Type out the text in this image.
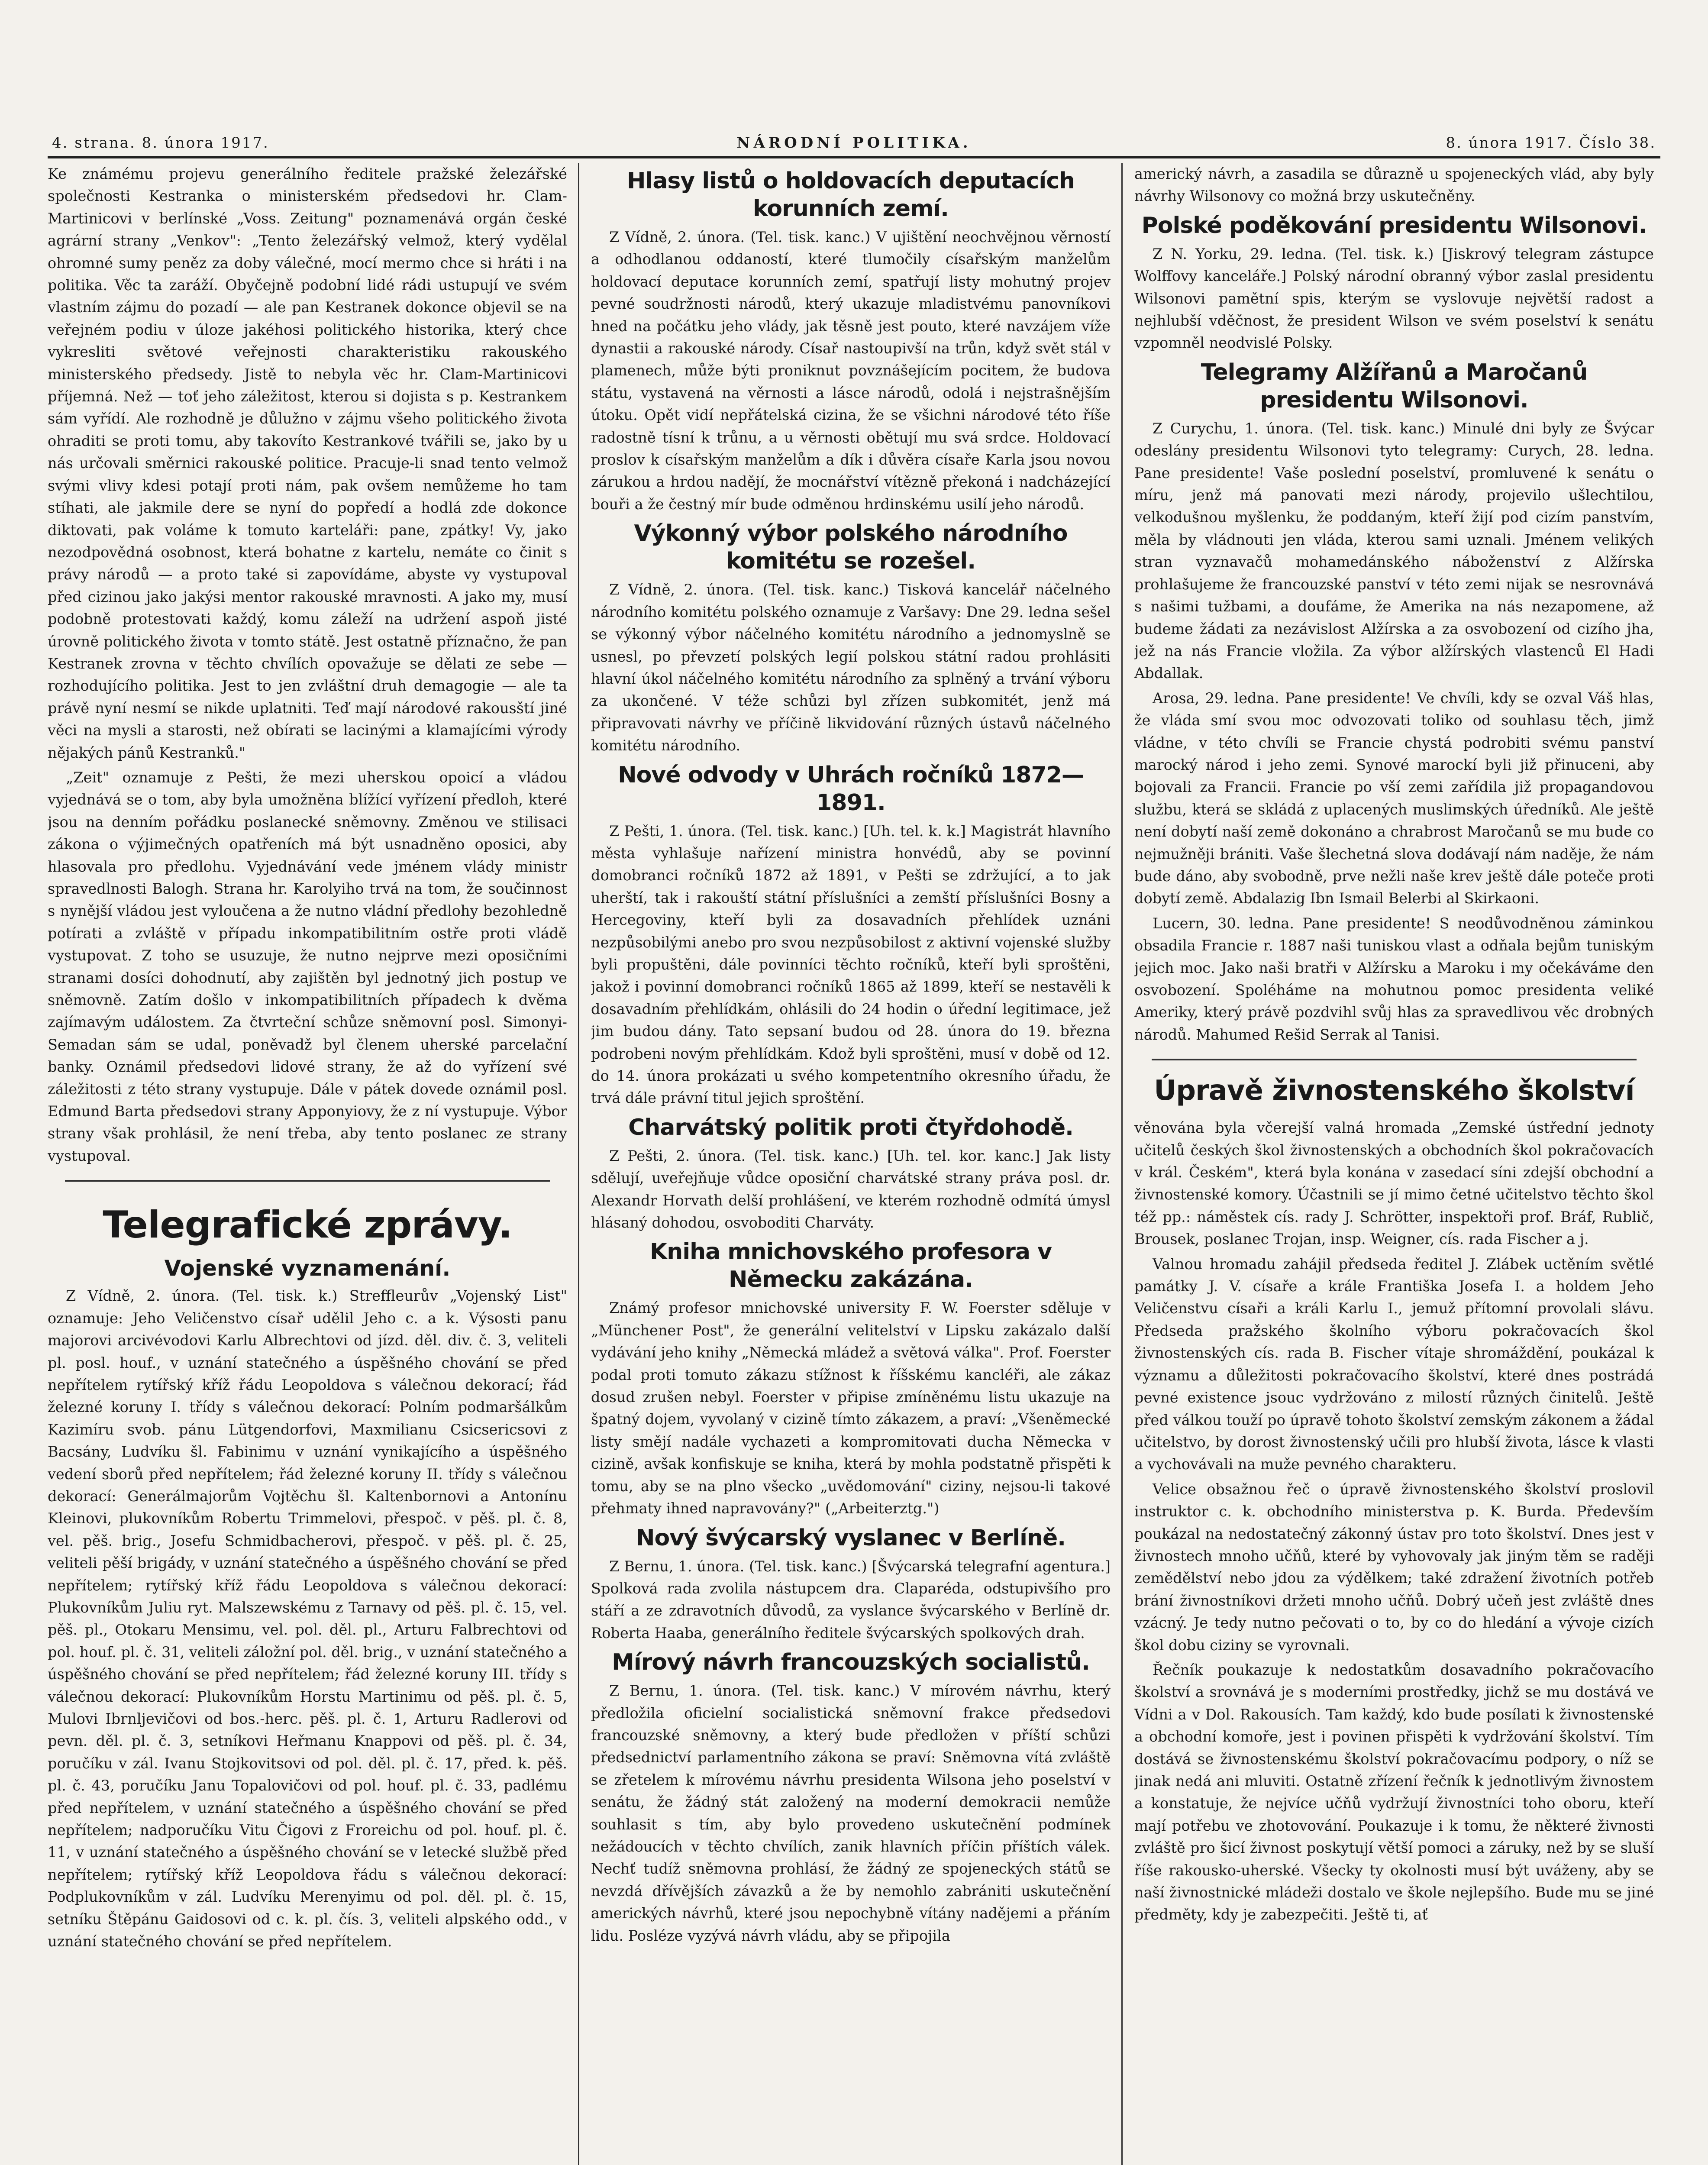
4. strana. 8. února 1917.	NÁRODNÍ POLITIKA.	8. února 1917. Číslo 38.

Ke známému projevu generálního ředitele pražské železářské společnosti Kestranka o ministerském předsedovi hr. Clam-Martinicovi v berlínské „Voss. Zeitung" poznamenává orgán české agrární strany „Venkov": „Tento železářský velmož, který vydělal ohromné sumy peněz za doby válečné, mocí mermo chce si hráti i na politika. Věc ta zaráží. Obyčejně podobní lidé rádi ustupují ve svém vlastním zájmu do pozadí — ale pan Kestranek dokonce objevil se na veřejném podiu v úloze jakéhosi politického historika, který chce vykresliti světové veřejnosti charakteristiku rakouského ministerského předsedy. Jistě to nebyla věc hr. Clam-Martinicovi příjemná. Než — toť jeho záležitost, kterou si dojista s p. Kestrankem sám vyřídí. Ale rozhodně je důlužno v zájmu všeho politického života ohraditi se proti tomu, aby takovíto Kestrankové tvářili se, jako by u nás určovali směrnici rakouské politice. Pracuje-li snad tento velmož svými vlivy kdesi potají proti nám, pak ovšem nemůžeme ho tam stíhati, ale jakmile dere se nyní do popředí a hodlá zde dokonce diktovati, pak voláme k tomuto karteláři: pane, zpátky! Vy, jako nezodpovědná osobnost, která bohatne z kartelu, nemáte co činit s právy národů — a proto také si zapovídáme, abyste vy vystupoval před cizinou jako jakýsi mentor rakouské mravnosti. A jako my, musí podobně protestovati každý, komu záleží na udržení aspoň jisté úrovně politického života v tomto státě. Jest ostatně příznačno, že pan Kestranek zrovna v těchto chvílích opovažuje se dělati ze sebe — rozhodujícího politika. Jest to jen zvláštní druh demagogie — ale ta právě nyní nesmí se nikde uplatniti. Teď mají národové rakousští jiné věci na mysli a starosti, než obírati se lacinými a klamajícími výrody nějakých pánů Kestranků."

„Zeit" oznamuje z Pešti, že mezi uherskou opoicí a vládou vyjednává se o tom, aby byla umožněna blížící vyřízení předloh, které jsou na denním pořádku poslanecké sněmovny. Změnou ve stilisaci zákona o výjimečných opatřeních má být usnadněno oposici, aby hlasovala pro předlohu. Vyjednávání vede jménem vlády ministr spravedlnosti Balogh. Strana hr. Karolyiho trvá na tom, že součinnost s nynější vládou jest vyloučena a že nutno vládní předlohy bezohledně potírati a zvláště v případu inkompatibilitním ostře proti vládě vystupovat. Z toho se usuzuje, že nutno nejprve mezi oposičními stranami dosíci dohodnutí, aby zajištěn byl jednotný jich postup ve sněmovně. Zatím došlo v inkompatibilitních případech k dvěma zajímavým událostem. Za čtvrteční schůze sněmovní posl. Simonyi-Semadan sám se udal, poněvadž byl členem uherské parcelační banky. Oznámil předsedovi lidové strany, že až do vyřízení své záležitosti z této strany vystupuje. Dále v pátek dovede oznámil posl. Edmund Barta předsedovi strany Apponyiovy, že z ní vystupuje. Výbor strany však prohlásil, že není třeba, aby tento poslanec ze strany vystupoval.

Telegrafické zprávy.
Vojenské vyznamenání.

Z Vídně, 2. února. (Tel. tisk. k.) Streffleurův „Vojenský List" oznamuje: Jeho Veličenstvo císař udělil Jeho c. a k. Výsosti panu majorovi arcivévodovi Karlu Albrechtovi od jízd. děl. div. č. 3, veliteli pl. posl. houf., v uznání statečného a úspěšného chování se před nepřítelem rytířský kříž řádu Leopoldova s válečnou dekorací; řád železné koruny I. třídy s válečnou dekorací: Polním podmaršálkům Kazimíru svob. pánu Lütgendorfovi, Maxmilianu Csicsericsovi z Bacsány, Ludvíku šl. Fabinimu v uznání vynikajícího a úspěšného vedení sborů před nepřítelem; řád železné koruny II. třídy s válečnou dekorací: Generálmajorům Vojtěchu šl. Kaltenbornovi a Antonínu Kleinovi, plukovníkům Robertu Trimmelovi, přespoč. v pěš. pl. č. 8, vel. pěš. brig., Josefu Schmidbacherovi, přespoč. v pěš. pl. č. 25, veliteli pěší brigády, v uznání statečného a úspěšného chování se před nepřítelem; rytířský kříž řádu Leopoldova s válečnou dekorací: Plukovníkům Juliu ryt. Malszewskému z Tarnavy od pěš. pl. č. 15, vel. pěš. pl., Otokaru Mensimu, vel. pol. děl. pl., Arturu Falbrechtovi od pol. houf. pl. č. 31, veliteli záložní pol. děl. brig., v uznání statečného a úspěšného chování se před nepřítelem; řád železné koruny III. třídy s válečnou dekorací: Plukovníkům Horstu Martinimu od pěš. pl. č. 5, Mulovi Ibrnljevičovi od bos.-herc. pěš. pl. č. 1, Arturu Radlerovi od pevn. děl. pl. č. 3, setníkovi Heřmanu Knappovi od pěš. pl. č. 34, poručíku v zál. Ivanu Stojkovitsovi od pol. děl. pl. č. 17, před. k. pěš. pl. č. 43, poručíku Janu Topalovičovi od pol. houf. pl. č. 33, padlému před nepřítelem, v uznání statečného a úspěšného chování se před nepřítelem; nadporučíku Vitu Čigovi z Froreichu od pol. houf. pl. č. 11, v uznání statečného a úspěšného chování se v letecké službě před nepřítelem; rytířský kříž Leopoldova řádu s válečnou dekorací: Podplukovníkům v zál. Ludvíku Merenyimu od pol. děl. pl. č. 15, setníku Štěpánu Gaidosovi od c. k. pl. čís. 3, veliteli alpského odd., v uznání statečného chování se před nepřítelem.

Hlasy listů o holdovacích deputacích korunních zemí.

Z Vídně, 2. února. (Tel. tisk. kanc.) V ujištění neochvějnou věrností a odhodlanou oddaností, které tlumočily císařským manželům holdovací deputace korunních zemí, spatřují listy mohutný projev pevné soudržnosti národů, který ukazuje mladistvému panovníkovi hned na počátku jeho vlády, jak těsně jest pouto, které navzájem víže dynastii a rakouské národy. Císař nastoupivší na trůn, když svět stál v plamenech, může býti proniknut povznášejícím pocitem, že budova státu, vystavená na věrnosti a lásce národů, odolá i nejstrašnějším útoku. Opět vidí nepřátelská cizina, že se všichni národové této říše radostně tísní k trůnu, a u věrnosti obětují mu svá srdce. Holdovací proslov k císařským manželům a dík i důvěra císaře Karla jsou novou zárukou a hrdou nadějí, že mocnářství vítězně překoná i nadcházející bouři a že čestný mír bude odměnou hrdinskému usilí jeho národů.

Výkonný výbor polského národního komitétu se rozešel.

Z Vídně, 2. února. (Tel. tisk. kanc.) Tisková kancelář náčelného národního komitétu polského oznamuje z Varšavy: Dne 29. ledna sešel se výkonný výbor náčelného komitétu národního a jednomyslně se usnesl, po převzetí polských legií polskou státní radou prohlásiti hlavní úkol náčelného komitétu národního za splněný a trvání výboru za ukončené. V téže schůzi byl zřízen subkomitét, jenž má připravovati návrhy ve příčině likvidování různých ústavů náčelného komitétu národního.

Nové odvody v Uhrách ročníků 1872—1891.

Z Pešti, 1. února. (Tel. tisk. kanc.) [Uh. tel. k. k.] Magistrát hlavního města vyhlašuje nařízení ministra honvédů, aby se povinní domobranci ročníků 1872 až 1891, v Pešti se zdržující, a to jak uherští, tak i rakouští státní příslušníci a zemští příslušníci Bosny a Hercegoviny, kteří byli za dosavadních přehlídek uznáni nezpůsobilými anebo pro svou nezpůsobilost z aktivní vojenské služby byli propuštěni, dále povinníci těchto ročníků, kteří byli sproštěni, jakož i povinní domobranci ročníků 1865 až 1899, kteří se nestavěli k dosavadním přehlídkám, ohlásili do 24 hodin o úřední legitimace, jež jim budou dány. Tato sepsaní budou od 28. února do 19. března podrobeni novým přehlídkám. Kdož byli sproštěni, musí v době od 12. do 14. února prokázati u svého kompetentního okresního úřadu, že trvá dále právní titul jejich sproštění.

Charvátský politik proti čtyřdohodě.

Z Pešti, 2. února. (Tel. tisk. kanc.) [Uh. tel. kor. kanc.] Jak listy sdělují, uveřejňuje vůdce oposiční charvátské strany práva posl. dr. Alexandr Horvath delší prohlášení, ve kterém rozhodně odmítá úmysl hlásaný dohodou, osvoboditi Charváty.

Kniha mnichovského profesora v Německu zakázána.

Známý profesor mnichovské university F. W. Foerster sděluje v „Münchener Post", že generální velitelství v Lipsku zakázalo další vydávání jeho knihy „Německá mládež a světová válka". Prof. Foerster podal proti tomuto zákazu stížnost k říšskému kancléři, ale zákaz dosud zrušen nebyl. Foerster v připise zmíněnému listu ukazuje na špatný dojem, vyvolaný v cizině tímto zákazem, a praví: „Všeněmecké listy smějí nadále vychazeti a kompromitovati ducha Německa v cizině, avšak konfiskuje se kniha, která by mohla podstatně přispěti k tomu, aby se na plno všecko „uvědomování" ciziny, nejsou-li takové přehmaty ihned napravovány?" („Arbeiterztg.")

Nový švýcarský vyslanec v Berlíně.

Z Bernu, 1. února. (Tel. tisk. kanc.) [Švýcarská telegrafní agentura.] Spolková rada zvolila nástupcem dra. Claparéda, odstupivšího pro stáří a ze zdravotních důvodů, za vyslance švýcarského v Berlíně dr. Roberta Haaba, generálního ředitele švýcarských spolkových drah.

Mírový návrh francouzských socialistů.

Z Bernu, 1. února. (Tel. tisk. kanc.) V mírovém návrhu, který předložila oficielní socialistická sněmovní frakce předsedovi francouzské sněmovny, a který bude předložen v příští schůzi předsednictví parlamentního zákona se praví: Sněmovna vítá zvláště se zřetelem k mírovému návrhu presidenta Wilsona jeho poselství v senátu, že žádný stát založený na moderní demokracii nemůže souhlasit s tím, aby bylo provedeno uskutečnění podmínek nežádoucích v těchto chvílích, zanik hlavních příčin příštích válek. Nechť tudíž sněmovna prohlásí, že žádný ze spojeneckých států se nevzdá dřívějších závazků a že by nemohlo zabrániti uskutečnění amerických návrhů, které jsou nepochybně vítány nadějemi a přáním lidu. Posléze vyzývá návrh vládu, aby se připojila

americký návrh, a zasadila se důrazně u spojeneckých vlád, aby byly návrhy Wilsonovy co možná brzy uskutečněny.

Polské poděkování presidentu Wilsonovi.

Z N. Yorku, 29. ledna. (Tel. tisk. k.) [Jiskrový telegram zástupce Wolffovy kanceláře.] Polský národní obranný výbor zaslal presidentu Wilsonovi pamětní spis, kterým se vyslovuje největší radost a nejhlubší vděčnost, že president Wilson ve svém poselství k senátu vzpomněl neodvislé Polsky.

Telegramy Alžířanů a Maročanů presidentu Wilsonovi.

Z Curychu, 1. února. (Tel. tisk. kanc.) Minulé dni byly ze Švýcar odeslány presidentu Wilsonovi tyto telegramy: Curych, 28. ledna. Pane presidente! Vaše poslední poselství, promluvené k senátu o míru, jenž má panovati mezi národy, projevilo ušlechtilou, velkodušnou myšlenku, že poddaným, kteří žijí pod cizím panstvím, měla by vládnouti jen vláda, kterou sami uznali. Jménem velikých stran vyznavačů mohamedánského náboženství z Alžírska prohlašujeme že francouzské panství v této zemi nijak se nesrovnává s našimi tužbami, a doufáme, že Amerika na nás nezapomene, až budeme žádati za nezávislost Alžírska a za osvobození od cizího jha, jež na nás Francie vložila. Za výbor alžírských vlastenců El Hadi Abdallak.

Arosa, 29. ledna. Pane presidente! Ve chvíli, kdy se ozval Váš hlas, že vláda smí svou moc odvozovati toliko od souhlasu těch, jimž vládne, v této chvíli se Francie chystá podrobiti svému panství marocký národ i jeho zemi. Synové marockí byli již přinuceni, aby bojovali za Francii. Francie po vší zemi zařídila již propagandovou službu, která se skládá z uplacených muslimských úředníků. Ale ještě není dobytí naší země dokonáno a chrabrost Maročanů se mu bude co nejmužněji brániti. Vaše šlechetná slova dodávají nám naděje, že nám bude dáno, aby svobodně, prve nežli naše krev ještě dále poteče proti dobytí země. Abdalazig Ibn Ismail Belerbi al Skirkaoni.

Lucern, 30. ledna. Pane presidente! S neodůvodněnou záminkou obsadila Francie r. 1887 naši tuniskou vlast a odňala bejům tuniským jejich moc. Jako naši bratři v Alžírsku a Maroku i my očekáváme den osvobození. Spoléháme na mohutnou pomoc presidenta veliké Ameriky, který právě pozdvihl svůj hlas za spravedlivou věc drobných národů. Mahumed Rešid Serrak al Tanisi.

Úpravě živnostenského školství

věnována byla včerejší valná hromada „Zemské ústřední jednoty učitelů českých škol živnostenských a obchodních škol pokračovacích v král. Českém", která byla konána v zasedací síni zdejší obchodní a živnostenské komory. Účastnili se jí mimo četné učitelstvo těchto škol též pp.: náměstek cís. rady J. Schrötter, inspektoři prof. Bráf, Rublič, Brousek, poslanec Trojan, insp. Weigner, cís. rada Fischer a j.

Valnou hromadu zahájil předseda ředitel J. Zlábek uctěním světlé památky J. V. císaře a krále Františka Josefa I. a holdem Jeho Veličenstvu císaři a králi Karlu I., jemuž přítomní provolali slávu. Předseda pražského školního výboru pokračovacích škol živnostenských cís. rada B. Fischer vítaje shromáždění, poukázal k významu a důležitosti pokračovacího školství, které dnes postrádá pevné existence jsouc vydržováno z milostí různých činitelů. Ještě před válkou touží po úpravě tohoto školství zemským zákonem a žádal učitelstvo, by dorost živnostenský učili pro hlubší života, lásce k vlasti a vychovávali na muže pevného charakteru.

Velice obsažnou řeč o úpravě živnostenského školství proslovil instruktor c. k. obchodního ministerstva p. K. Burda. Především poukázal na nedostatečný zákonný ústav pro toto školství. Dnes jest v živnostech mnoho učňů, které by vyhovovaly jak jiným těm se raději zemědělství nebo jdou za výdělkem; také zdražení životních potřeb brání živnostníkovi držeti mnoho učňů. Dobrý učeň jest zvláště dnes vzácný. Je tedy nutno pečovati o to, by co do hledání a vývoje cizích škol dobu ciziny se vyrovnali.

Řečník poukazuje k nedostatkům dosavadního pokračovacího školství a srovnává je s moderními prostředky, jichž se mu dostává ve Vídni a v Dol. Rakousích. Tam každý, kdo bude posílati k živnostenské a obchodní komoře, jest i povinen přispěti k vydržování školství. Tím dostává se živnostenskému školství pokračovacímu podpory, o níž se jinak nedá ani mluviti. Ostatně zřízení řečník k jednotlivým živnostem a konstatuje, že nejvíce učňů vydržují živnostníci toho oboru, kteří mají potřebu ve zhotovování. Poukazuje i k tomu, že některé živnosti zvláště pro šicí živnost poskytují větší pomoci a záruky, než by se sluší říše rakousko-uherské. Všecky ty okolnosti musí být uváženy, aby se naší živnostnické mládeži dostalo ve škole nejlepšího. Bude mu se jiné předměty, kdy je zabezpečiti. Ještě ti, ať
